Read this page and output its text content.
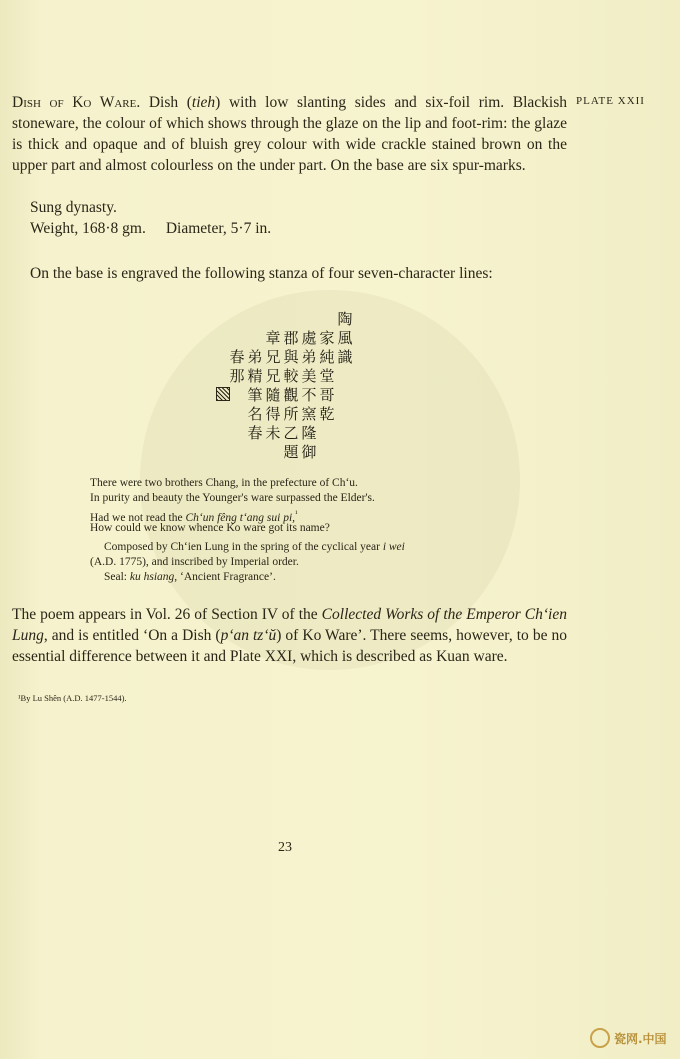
PLATE XXII
Dish of Ko Ware. Dish (tieh) with low slanting sides and six-foil rim. Blackish stoneware, the colour of which shows through the glaze on the lip and foot-rim: the glaze is thick and opaque and of bluish grey colour with wide crackle stained brown on the upper part and almost colourless on the under part. On the base are six spur-marks.
Sung dynasty.
Weight, 168·8 gm. Diameter, 5·7 in.
On the base is engraved the following stanza of four seven-character lines:
陶
風
識
家
純
堂
哥
乾
處
弟
美
不
窯
隆
御
郡
與
較
觀
所
乙
題
章
兄
兄
隨
得
未
弟
精
筆
名
春
春
那
There were two brothers Chang, in the prefecture of Ch‘u.
In purity and beauty the Younger's ware surpassed the Elder's.
Had we not read the Ch‘un fêng t‘ang sui pi,$^{^1}$
How could we know whence Ko ware got its name?
Composed by Ch‘ien Lung in the spring of the cyclical year i wei
(A.D. 1775), and inscribed by Imperial order.
Seal: ku hsiang, ‘Ancient Fragrance’.
The poem appears in Vol. 26 of Section IV of the Collected Works of the Emperor Ch‘ien Lung, and is entitled ‘On a Dish (p‘an tz‘ŭ) of Ko Ware’. There seems, however, to be no essential difference between it and Plate XXI, which is described as Kuan ware.
¹By Lu Shên (A.D. 1477-1544).
23
瓷网.中国
